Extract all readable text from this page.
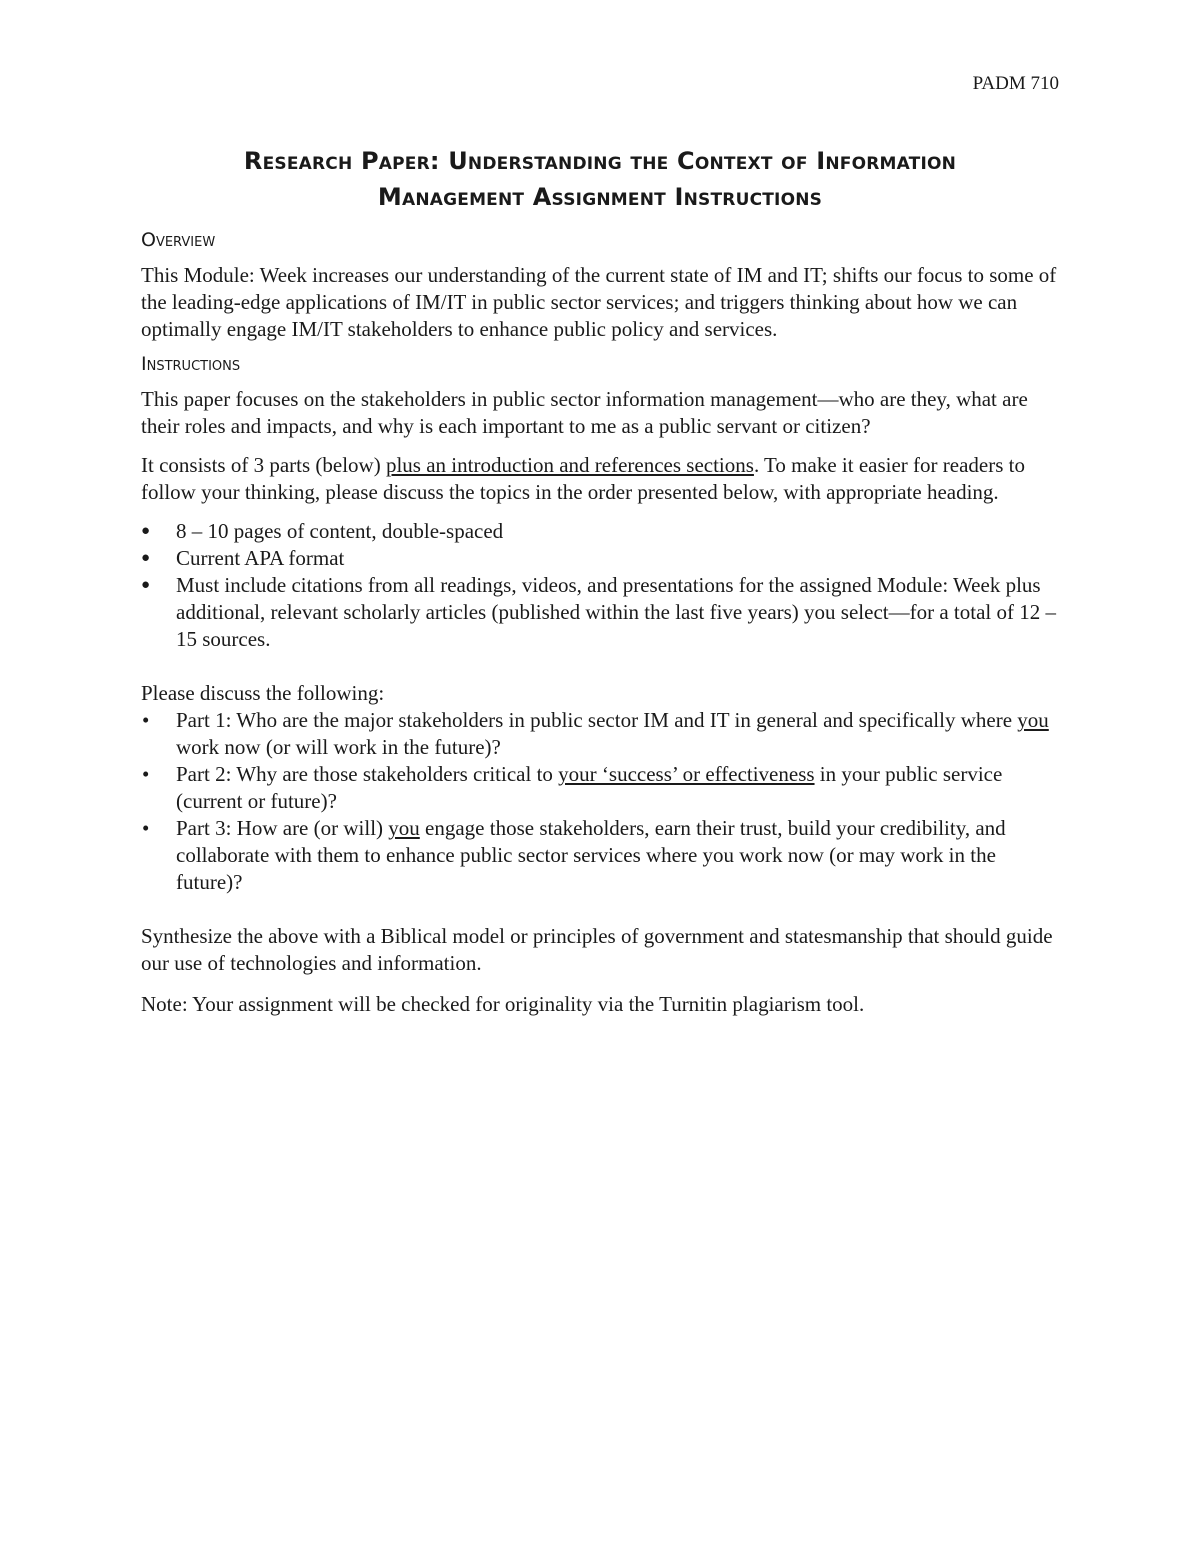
PADM 710
Research Paper: Understanding the Context of Information
Management Assignment Instructions
Overview

This Module: Week increases our understanding of the current state of IM and IT; shifts our focus to some of the leading-edge applications of IM/IT in public sector services; and triggers thinking about how we can optimally engage IM/IT stakeholders to enhance public policy and services.

Instructions

This paper focuses on the stakeholders in public sector information management—who are they, what are their roles and impacts, and why is each important to me as a public servant or citizen?

It consists of 3 parts (below) plus an introduction and references sections. To make it easier for readers to follow your thinking, please discuss the topics in the order presented below, with appropriate heading.

● 8 – 10 pages of content, double-spaced
● Current APA format
● Must include citations from all readings, videos, and presentations for the assigned Module: Week plus additional, relevant scholarly articles (published within the last five years) you select—for a total of 12 – 15 sources.
Please discuss the following:
• Part 1: Who are the major stakeholders in public sector IM and IT in general and specifically where you work now (or will work in the future)?
• Part 2: Why are those stakeholders critical to your ‘success’ or effectiveness in your public service (current or future)?
• Part 3: How are (or will) you engage those stakeholders, earn their trust, build your credibility, and collaborate with them to enhance public sector services where you work now (or may work in the future)?

Synthesize the above with a Biblical model or principles of government and statesmanship that should guide our use of technologies and information.

Note: Your assignment will be checked for originality via the Turnitin plagiarism tool.
